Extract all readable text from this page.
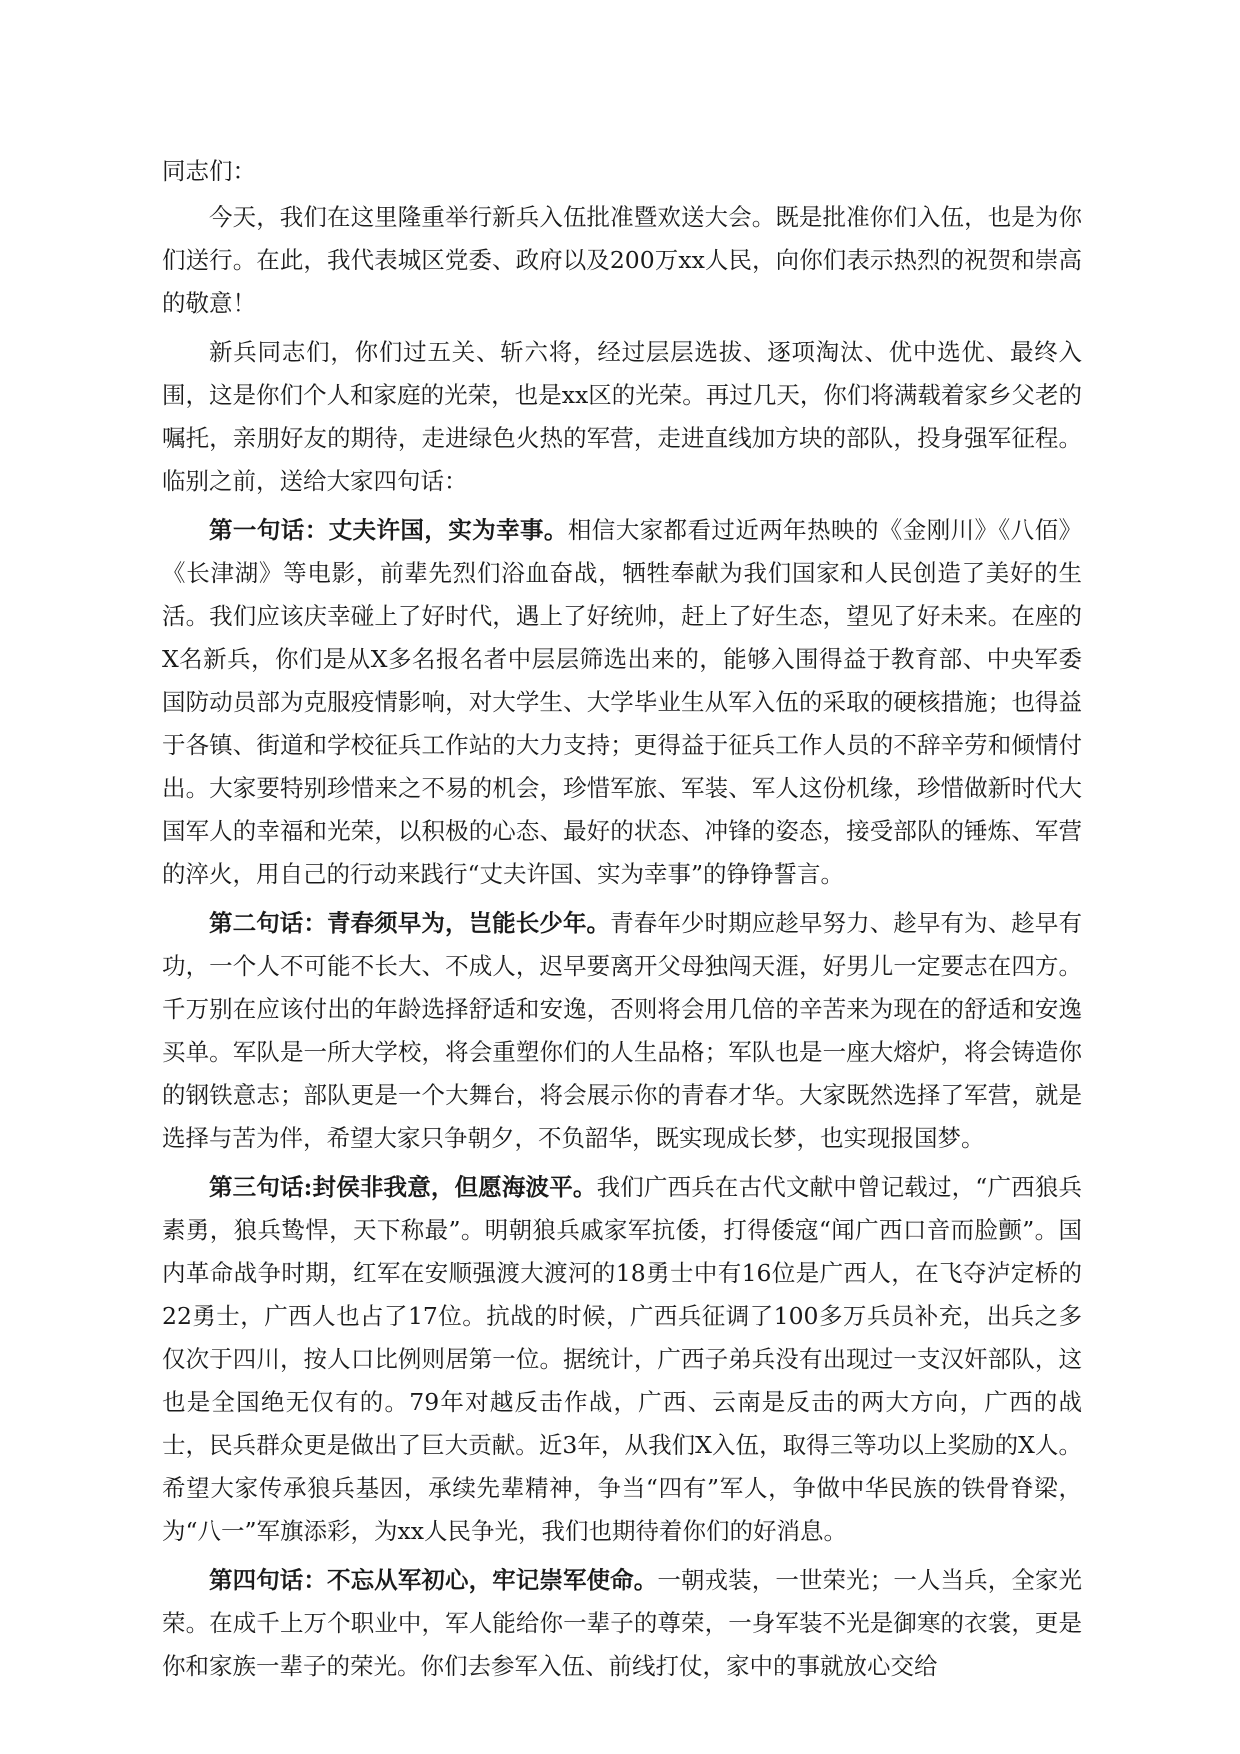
同志们：

今天，我们在这里隆重举行新兵入伍批准暨欢送大会。既是批准你们入伍，也是为你们送行。在此，我代表城区党委、政府以及200万xx人民，向你们表示热烈的祝贺和崇高的敬意！

新兵同志们，你们过五关、斩六将，经过层层选拔、逐项淘汰、优中选优、最终入围，这是你们个人和家庭的光荣，也是xx区的光荣。再过几天，你们将满载着家乡父老的嘱托，亲朋好友的期待，走进绿色火热的军营，走进直线加方块的部队，投身强军征程。临别之前，送给大家四句话：

第一句话：丈夫许国，实为幸事。相信大家都看过近两年热映的《金刚川》《八佰》《长津湖》等电影，前辈先烈们浴血奋战，牺牲奉献为我们国家和人民创造了美好的生活。我们应该庆幸碰上了好时代，遇上了好统帅，赶上了好生态，望见了好未来。在座的X名新兵，你们是从X多名报名者中层层筛选出来的，能够入围得益于教育部、中央军委国防动员部为克服疫情影响，对大学生、大学毕业生从军入伍的采取的硬核措施；也得益于各镇、街道和学校征兵工作站的大力支持；更得益于征兵工作人员的不辞辛劳和倾情付出。大家要特别珍惜来之不易的机会，珍惜军旅、军装、军人这份机缘，珍惜做新时代大国军人的幸福和光荣，以积极的心态、最好的状态、冲锋的姿态，接受部队的锤炼、军营的淬火，用自己的行动来践行“丈夫许国、实为幸事”的铮铮誓言。

第二句话：青春须早为，岂能长少年。青春年少时期应趁早努力、趁早有为、趁早有功，一个人不可能不长大、不成人，迟早要离开父母独闯天涯，好男儿一定要志在四方。千万别在应该付出的年龄选择舒适和安逸，否则将会用几倍的辛苦来为现在的舒适和安逸买单。军队是一所大学校，将会重塑你们的人生品格；军队也是一座大熔炉，将会铸造你的钢铁意志；部队更是一个大舞台，将会展示你的青春才华。大家既然选择了军营，就是选择与苦为伴，希望大家只争朝夕，不负韶华，既实现成长梦，也实现报国梦。

第三句话:封侯非我意，但愿海波平。我们广西兵在古代文献中曾记载过，“广西狼兵素勇，狼兵鸷悍，天下称最”。明朝狼兵戚家军抗倭，打得倭寇“闻广西口音而脸颤”。国内革命战争时期，红军在安顺强渡大渡河的18勇士中有16位是广西人，在飞夺泸定桥的22勇士，广西人也占了17位。抗战的时候，广西兵征调了100多万兵员补充，出兵之多仅次于四川，按人口比例则居第一位。据统计，广西子弟兵没有出现过一支汉奸部队，这也是全国绝无仅有的。79年对越反击作战，广西、云南是反击的两大方向，广西的战士，民兵群众更是做出了巨大贡献。近3年，从我们X入伍，取得三等功以上奖励的X人。希望大家传承狼兵基因，承续先辈精神，争当“四有”军人，争做中华民族的铁骨脊梁，为“八一”军旗添彩，为xx人民争光，我们也期待着你们的好消息。

第四句话：不忘从军初心，牢记崇军使命。一朝戎装，一世荣光；一人当兵，全家光荣。在成千上万个职业中，军人能给你一辈子的尊荣，一身军装不光是御寒的衣裳，更是你和家族一辈子的荣光。你们去参军入伍、前线打仗，家中的事就放心交给
